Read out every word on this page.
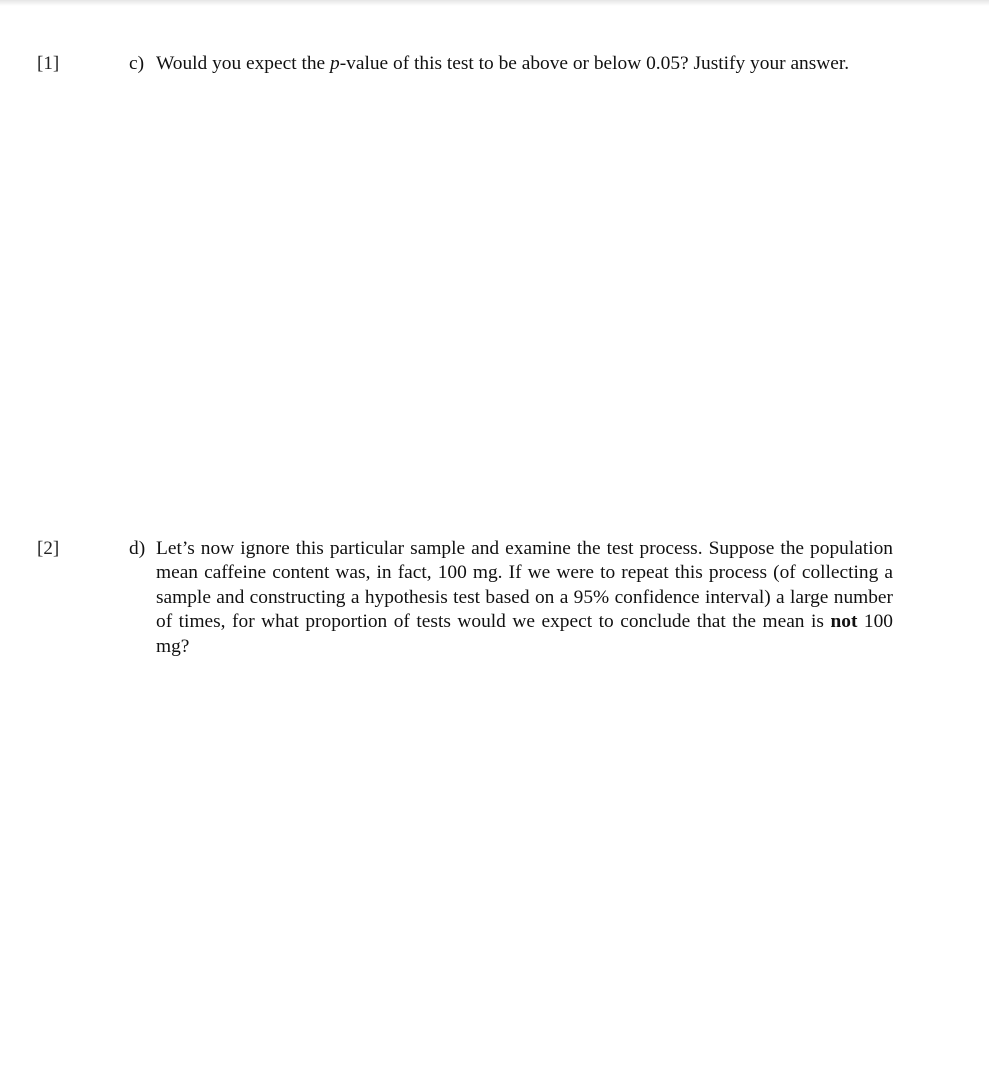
[1]	c) Would you expect the p-value of this test to be above or below 0.05? Justify your answer.
[2]	d) Let’s now ignore this particular sample and examine the test process. Suppose the population mean caffeine content was, in fact, 100 mg. If we were to repeat this process (of collecting a sample and constructing a hypothesis test based on a 95% confidence interval) a large number of times, for what proportion of tests would we expect to conclude that the mean is not 100 mg?
